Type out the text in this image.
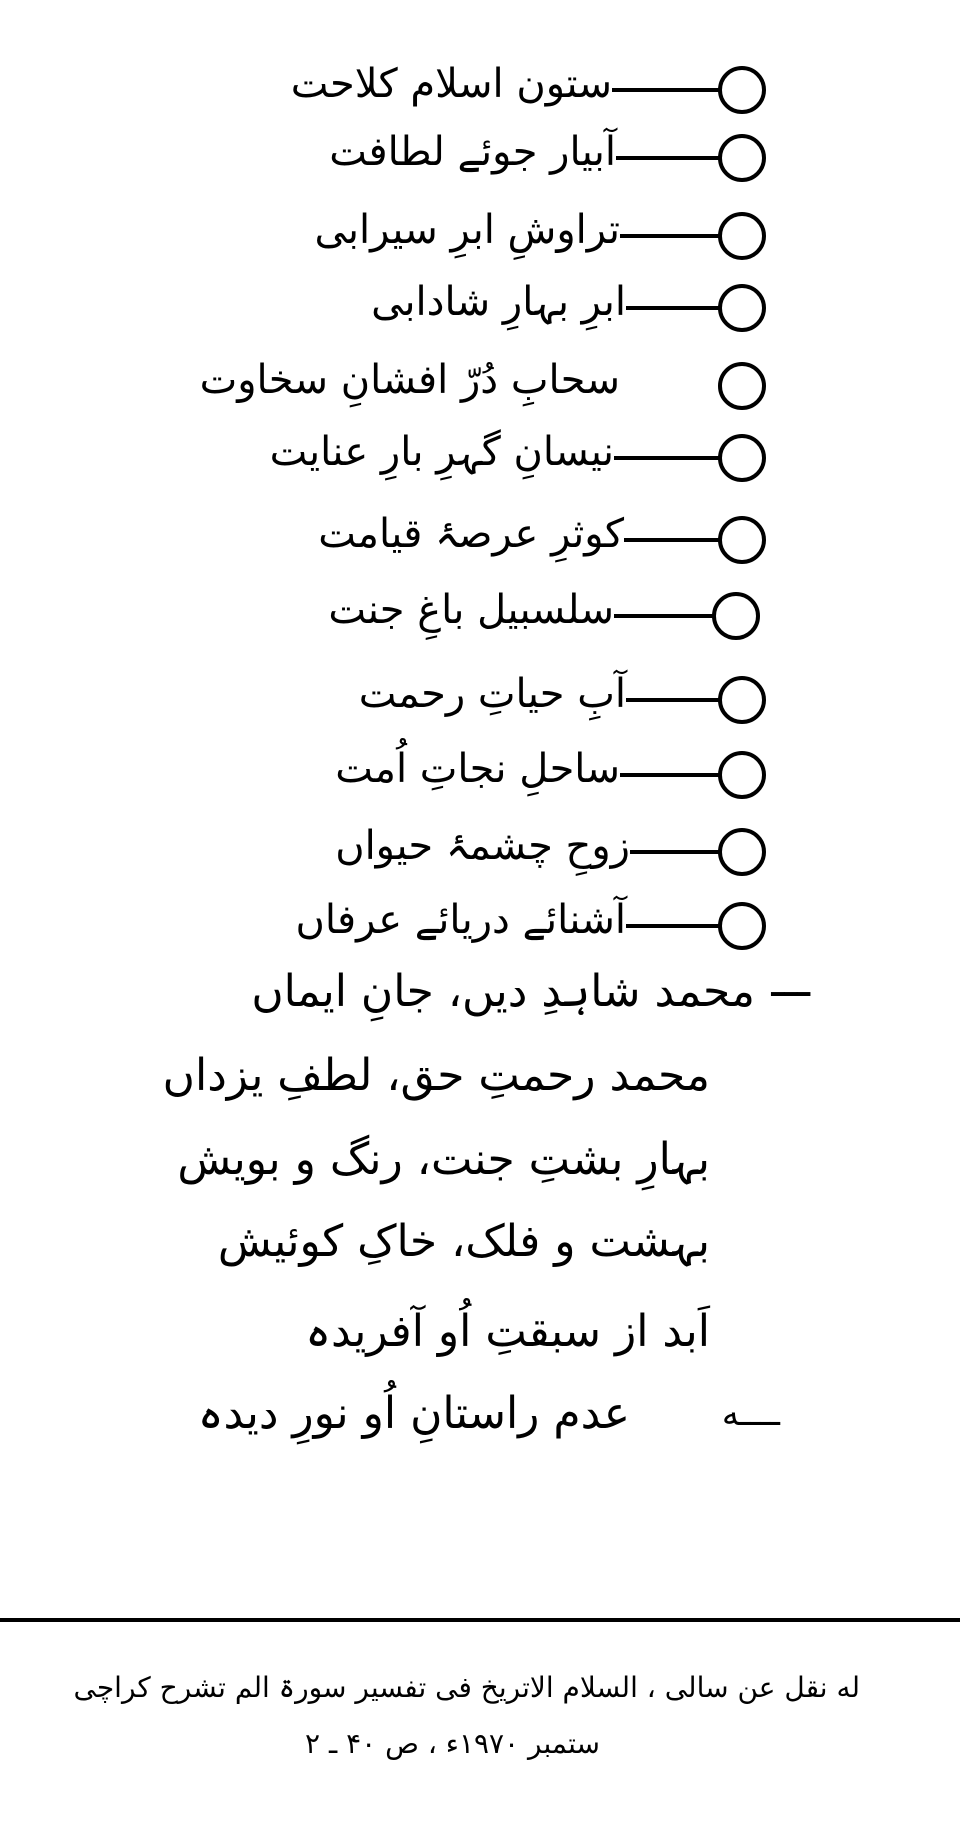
ستون اسلام کلاحت
آبیار جوئے لطافت
تراوشِ ابرِ سیرابی
ابرِ بہارِ شادابی
سحابِ دُرّ افشانِ سخاوت
نیسانِ گہرِ بارِ عنایت
کوثرِ عرصۂ قیامت
سلسبیل باغِ جنت
آبِ حیاتِ رحمت
ساحلِ نجاتِ اُمت
زوحِ چشمۂ حیواں
آشنائے دریائے عرفاں
ـــ
محمد شاہدِ دیں، جانِ ایماں
محمد رحمتِ حق، لطفِ یزداں
بہارِ بشتِ جنت، رنگ و بویش
بہشت و فلک، خاکِ کوئیش
اَبد از سبقتِ اُو آفریدہ
عدم راستانِ اُو نورِ دیدہ	ــــه
له نقل عن سالی ، السلام الاتریخ فی تفسیر سورۃ الم تشرح کراچی
ستمبر ۱۹۷۰ء ، ص ۴۰ ـ ۲
